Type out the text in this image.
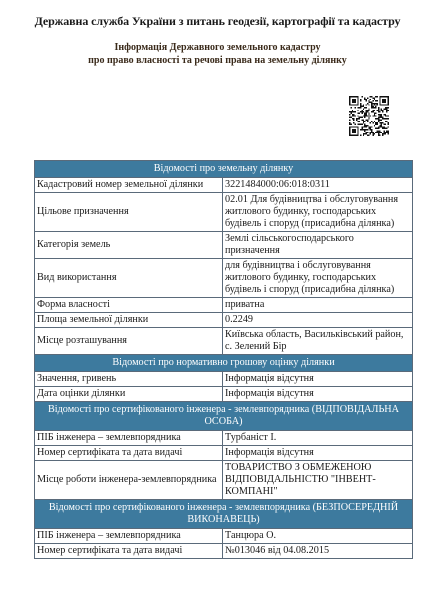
Державна служба України з питань геодезії, картографії та кадастру
Інформація Державного земельного кадастру
про право власності та речові права на земельну ділянку
Відомості про земельну ділянку	
Кадастровий номер земельної ділянки	3221484000:06:018:0311
Цільове призначення	02.01 Для будівництва і обслуговування житлового будинку, господарських будівель і споруд (присадибна ділянка)
Категорія земель	Землі сільськогосподарського призначення
Вид використання	для будівництва і обслуговування житлового будинку, господарських будівель і споруд (присадибна ділянка)
Форма власності	приватна
Площа земельної ділянки	0.2249
Місце розташування	Київська область, Васильківський район, с. Зелений Бір
Відомості про нормативно грошову оцінку ділянки	
Значення, гривень	Інформація відсутня
Дата оцінки ділянки	Інформація відсутня
Відомості про сертифікованого інженера - землевпорядника (ВІДПОВІДАЛЬНА ОСОБА)	
ПІБ інженера – землевпорядника	Турбаніст І.
Номер сертифіката та дата видачі	Інформація відсутня
Місце роботи інженера-землевпорядника	ТОВАРИСТВО З ОБМЕЖЕНОЮ ВІДПОВІДАЛЬНІСТЮ "ІНВЕНТ-КОМПАНІ"
Відомості про сертифікованого інженера - землевпорядника (БЕЗПОСЕРЕДНІЙ ВИКОНАВЕЦЬ)	
ПІБ інженера – землевпорядника	Танцюра О.
Номер сертифіката та дата видачі	№013046 від 04.08.2015
